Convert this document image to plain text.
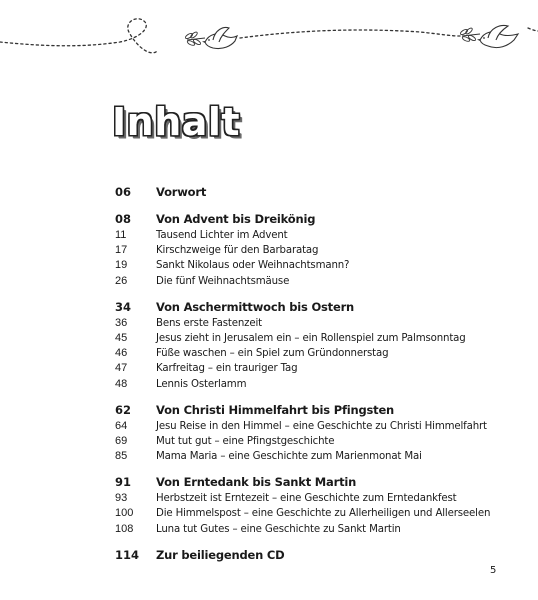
Inhalt
06	Vorwort
08	Von Advent bis Dreikönig
11	Tausend Lichter im Advent
17	Kirschzweige für den Barbaratag
19	Sankt Nikolaus oder Weihnachtsmann?
26	Die fünf Weihnachtsmäuse
34	Von Aschermittwoch bis Ostern
36	Bens erste Fastenzeit
45	Jesus zieht in Jerusalem ein – ein Rollenspiel zum Palmsonntag
46	Füße waschen – ein Spiel zum Gründonnerstag
47	Karfreitag – ein trauriger Tag
48	Lennis Osterlamm
62	Von Christi Himmelfahrt bis Pfingsten
64	Jesu Reise in den Himmel – eine Geschichte zu Christi Himmelfahrt
69	Mut tut gut – eine Pfingstgeschichte
85	Mama Maria – eine Geschichte zum Marienmonat Mai
91	Von Erntedank bis Sankt Martin
93	Herbstzeit ist Erntezeit – eine Geschichte zum Erntedankfest
100	Die Himmelspost – eine Geschichte zu Allerheiligen und Allerseelen
108	Luna tut Gutes – eine Geschichte zu Sankt Martin
114	Zur beiliegenden CD
5
